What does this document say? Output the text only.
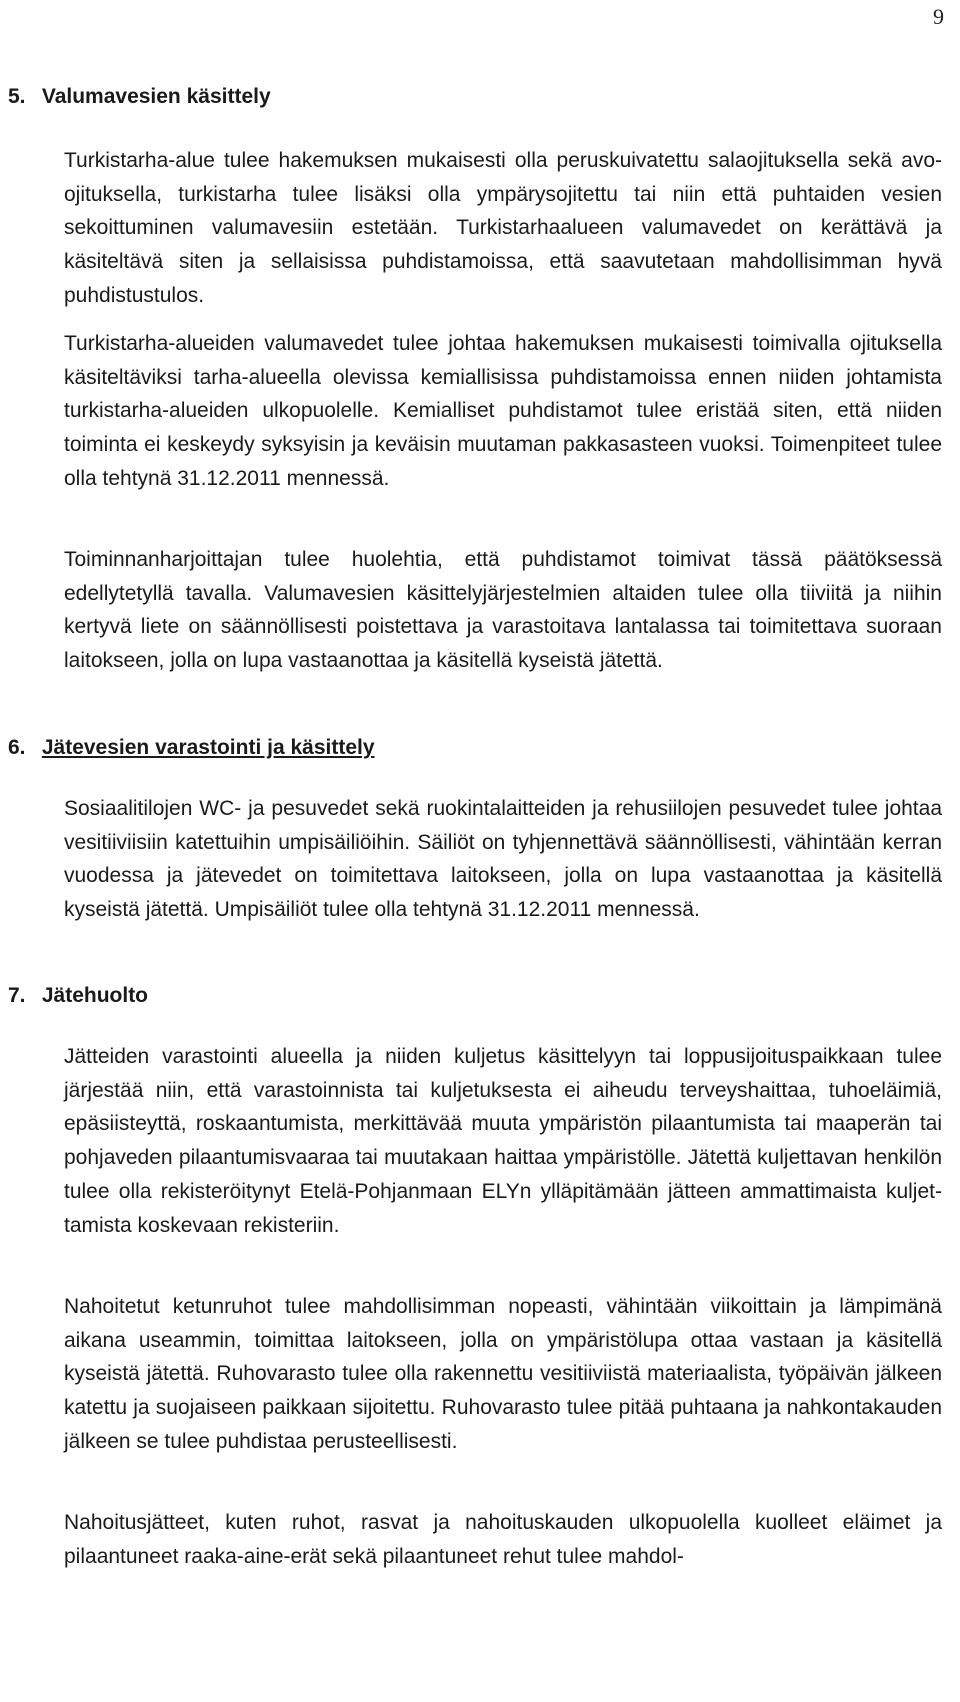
9
5. Valumavesien käsittely
Turkistarha-alue tulee hakemuksen mukaisesti olla peruskuivatettu salaojituksella sekä avo-ojituksella, turkistarha tulee lisäksi olla ympärysojitettu tai niin että puhtaiden vesien sekoittuminen valumavesiin estetään. Turkistarhaalueen valumavedet on kerättävä ja käsiteltävä siten ja sellaisissa puhdistamoissa, että saavutetaan mahdollisimman hyvä puhdistustulos.
Turkistarha-alueiden valumavedet tulee johtaa hakemuksen mukaisesti toimivalla ojituksella käsiteltäviksi tarha-alueella olevissa kemiallisissa puhdistamoissa ennen niiden johtamista turkistarha-alueiden ulkopuolelle. Kemialliset puhdistamot tulee eristää siten, että niiden toiminta ei keskeydy syksyisin ja keväisin muutaman pakkasasteen vuoksi. Toimenpiteet tulee olla tehtynä 31.12.2011 mennessä.
Toiminnanharjoittajan tulee huolehtia, että puhdistamot toimivat tässä päätöksessä edellytetyllä tavalla. Valumavesien käsittelyjärjestelmien altaiden tulee olla tiiviitä ja niihin kertyvä liete on säännöllisesti poistettava ja varastoitava lantalassa tai toimitettava suoraan laitokseen, jolla on lupa vastaanottaa ja käsitellä kyseistä jätettä.
6. Jätevesien varastointi ja käsittely
Sosiaalitilojen WC- ja pesuvedet sekä ruokintalaitteiden ja rehusiilojen pesuvedet tulee johtaa vesitiiviisiin katettuihin umpisäiliöihin. Säiliöt on tyhjennettävä säännöllisesti, vähintään kerran vuodessa ja jätevedet on toimitettava laitokseen, jolla on lupa vastaanottaa ja käsitellä kyseistä jätettä. Umpisäiliöt tulee olla tehtynä 31.12.2011 mennessä.
7. Jätehuolto
Jätteiden varastointi alueella ja niiden kuljetus käsittelyyn tai loppusijoituspaikkaan tulee järjestää niin, että varastoinnista tai kuljetuksesta ei aiheudu terveyshaittaa, tuhoeläimiä, epäsiisteyttä, roskaantumista, merkittävää muuta ympäristön pilaantumista tai maaperän tai pohjaveden pilaantumisvaaraa tai muutakaan haittaa ympäristölle. Jätettä kuljettavan henkilön tulee olla rekisteröitynyt Etelä-Pohjanmaan ELYn ylläpitämään jätteen ammattimaista kuljettamista koskevaan rekisteriin.
Nahoitetut ketunruhot tulee mahdollisimman nopeasti, vähintään viikoittain ja lämpimänä aikana useammin, toimittaa laitokseen, jolla on ympäristölupa ottaa vastaan ja käsitellä kyseistä jätettä. Ruhovarasto tulee olla rakennettu vesitiiviistä materiaalista, työpäivän jälkeen katettu ja suojaiseen paikkaan sijoitettu. Ruhovarasto tulee pitää puhtaana ja nahkontakauden jälkeen se tulee puhdistaa perusteellisesti.
Nahoitusjätteet, kuten ruhot, rasvat ja nahoituskauden ulkopuolella kuolleet eläimet ja pilaantuneet raaka-aine-erät sekä pilaantuneet rehut tulee mahdol-
